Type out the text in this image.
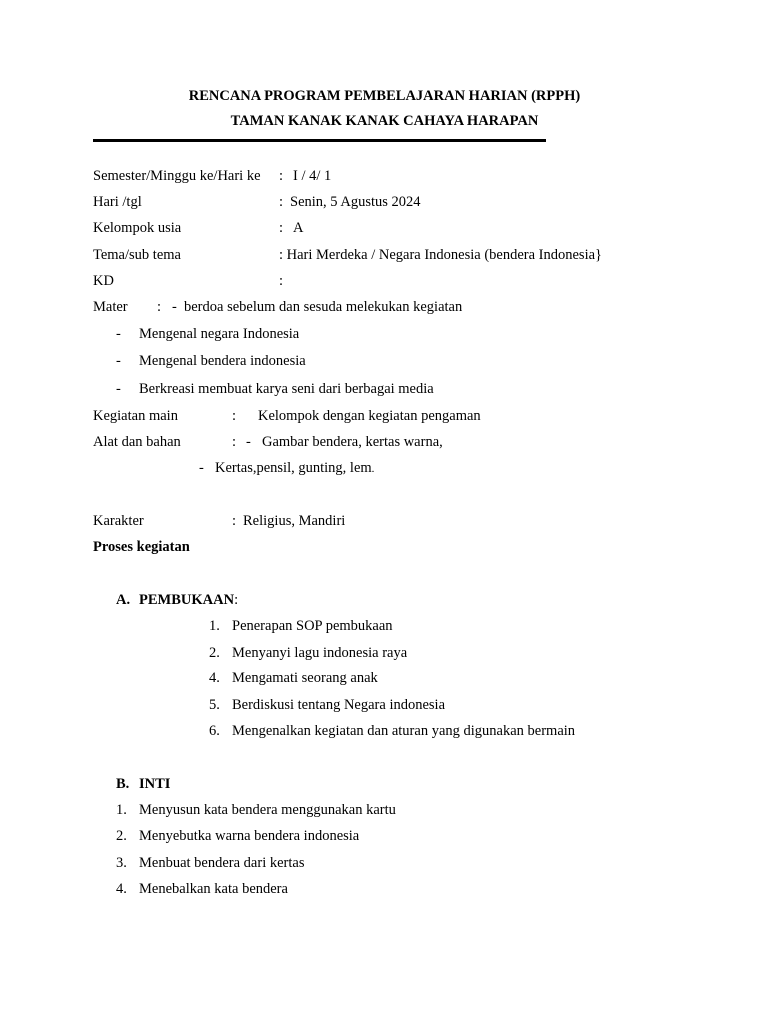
RENCANA PROGRAM PEMBELAJARAN HARIAN (RPPH)
TAMAN KANAK KANAK CAHAYA HARAPAN
Semester/Minggu ke/Hari ke : I / 4/ 1
Hari /tgl	: Senin, 5 Agustus 2024
Kelompok usia	: A
Tema/sub tema	: Hari Merdeka / Negara Indonesia (bendera Indonesia}
KD	:
Mater : - berdoa sebelum dan sesuda melekukan kegiatan
- Mengenal negara Indonesia
- Mengenal bendera indonesia
- Berkreasi membuat karya seni dari berbagai media
Kegiatan main	: Kelompok dengan kegiatan pengaman
Alat dan bahan	: - Gambar bendera, kertas warna,
- Kertas,pensil, gunting, lem.
Karakter	: Religius, Mandiri
Proses kegiatan
A. PEMBUKAAN:
1. Penerapan SOP pembukaan
2. Menyanyi lagu indonesia raya
4. Mengamati seorang anak
5. Berdiskusi tentang Negara indonesia
6. Mengenalkan kegiatan dan aturan yang digunakan bermain
B. INTI
1. Menyusun kata bendera menggunakan kartu
2. Menyebutka warna bendera indonesia
3. Menbuat bendera dari kertas
4. Menebalkan kata bendera
